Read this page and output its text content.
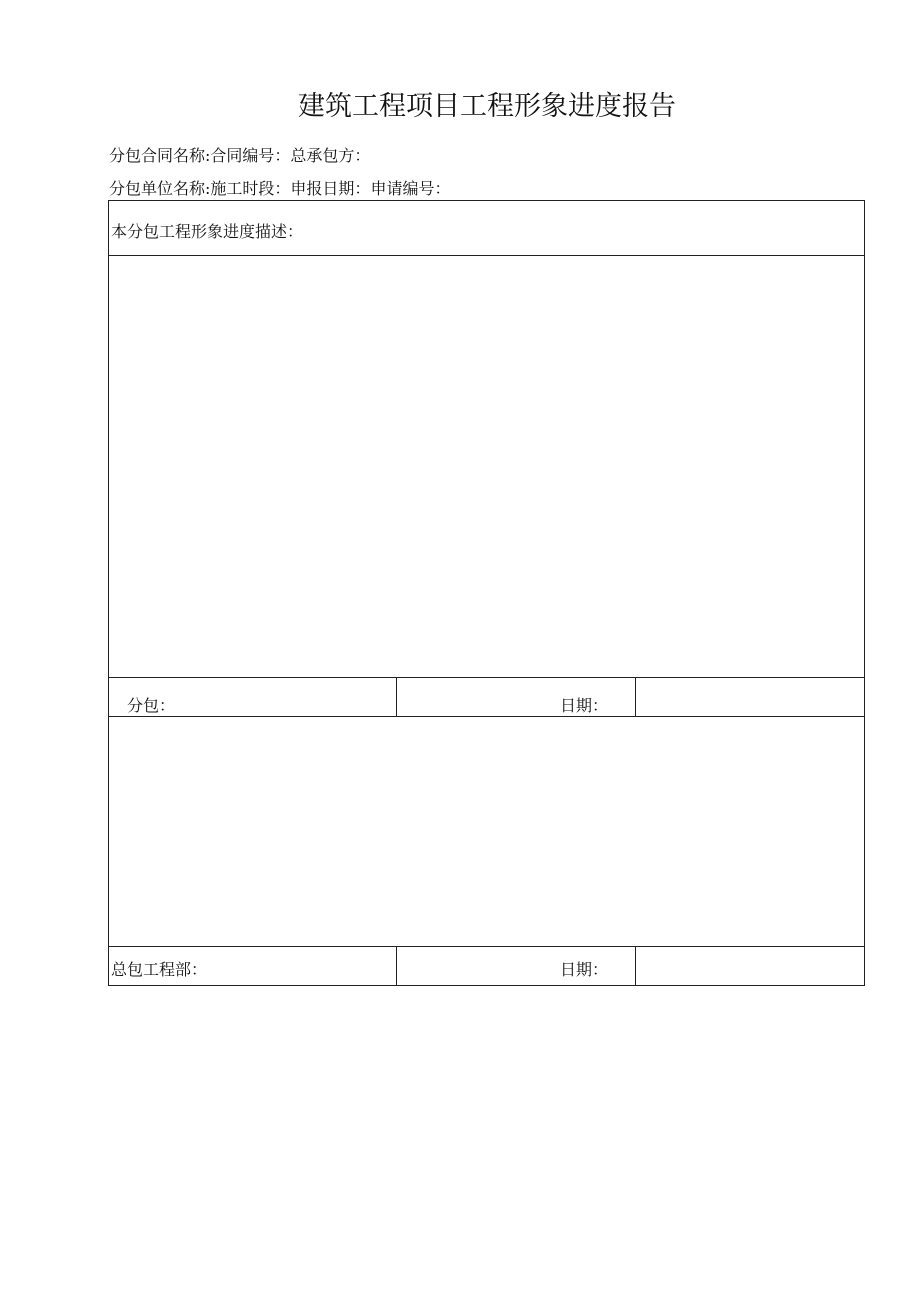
建筑工程项目工程形象进度报告
分包合同名称:合同编号：总承包方：
分包单位名称:施工时段：申报日期：申请编号：
本分包工程形象进度描述：
分包：	日期：
总包工程部：	日期：
